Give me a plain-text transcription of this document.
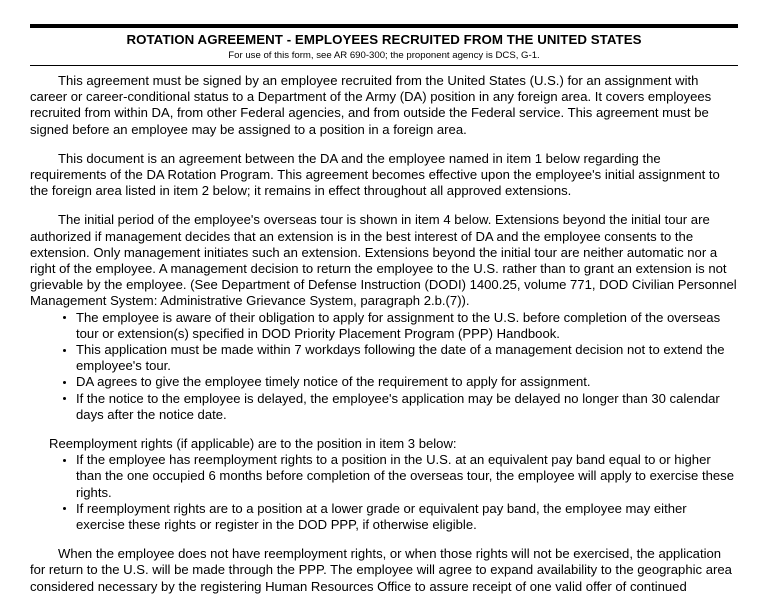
ROTATION AGREEMENT - EMPLOYEES RECRUITED FROM THE UNITED STATES
For use of this form, see AR 690-300; the proponent agency is DCS, G-1.

This agreement must be signed by an employee recruited from the United States (U.S.) for an assignment with career or career-conditional status to a Department of the Army (DA) position in any foreign area. It covers employees recruited from within DA, from other Federal agencies, and from outside the Federal service. This agreement must be signed before an employee may be assigned to a position in a foreign area.

This document is an agreement between the DA and the employee named in item 1 below regarding the requirements of the DA Rotation Program. This agreement becomes effective upon the employee's initial assignment to the foreign area listed in item 2 below; it remains in effect throughout all approved extensions.

The initial period of the employee's overseas tour is shown in item 4 below. Extensions beyond the initial tour are authorized if management decides that an extension is in the best interest of DA and the employee consents to the extension. Only management initiates such an extension. Extensions beyond the initial tour are neither automatic nor a right of the employee. A management decision to return the employee to the U.S. rather than to grant an extension is not grievable by the employee. (See Department of Defense Instruction (DODI) 1400.25, volume 771, DOD Civilian Personnel Management System: Administrative Grievance System, paragraph 2.b.(7)).

The employee is aware of their obligation to apply for assignment to the U.S. before completion of the overseas tour or extension(s) specified in DOD Priority Placement Program (PPP) Handbook.
This application must be made within 7 workdays following the date of a management decision not to extend the employee's tour.
DA agrees to give the employee timely notice of the requirement to apply for assignment.
If the notice to the employee is delayed, the employee's application may be delayed no longer than 30 calendar days after the notice date.

Reemployment rights (if applicable) are to the position in item 3 below:

If the employee has reemployment rights to a position in the U.S. at an equivalent pay band equal to or higher than the one occupied 6 months before completion of the overseas tour, the employee will apply to exercise these rights.
If reemployment rights are to a position at a lower grade or equivalent pay band, the employee may either exercise these rights or register in the DOD PPP, if otherwise eligible.

When the employee does not have reemployment rights, or when those rights will not be exercised, the application for return to the U.S. will be made through the PPP. The employee will agree to expand availability to the geographic area considered necessary by the registering Human Resources Office to assure receipt of one valid offer of continued
